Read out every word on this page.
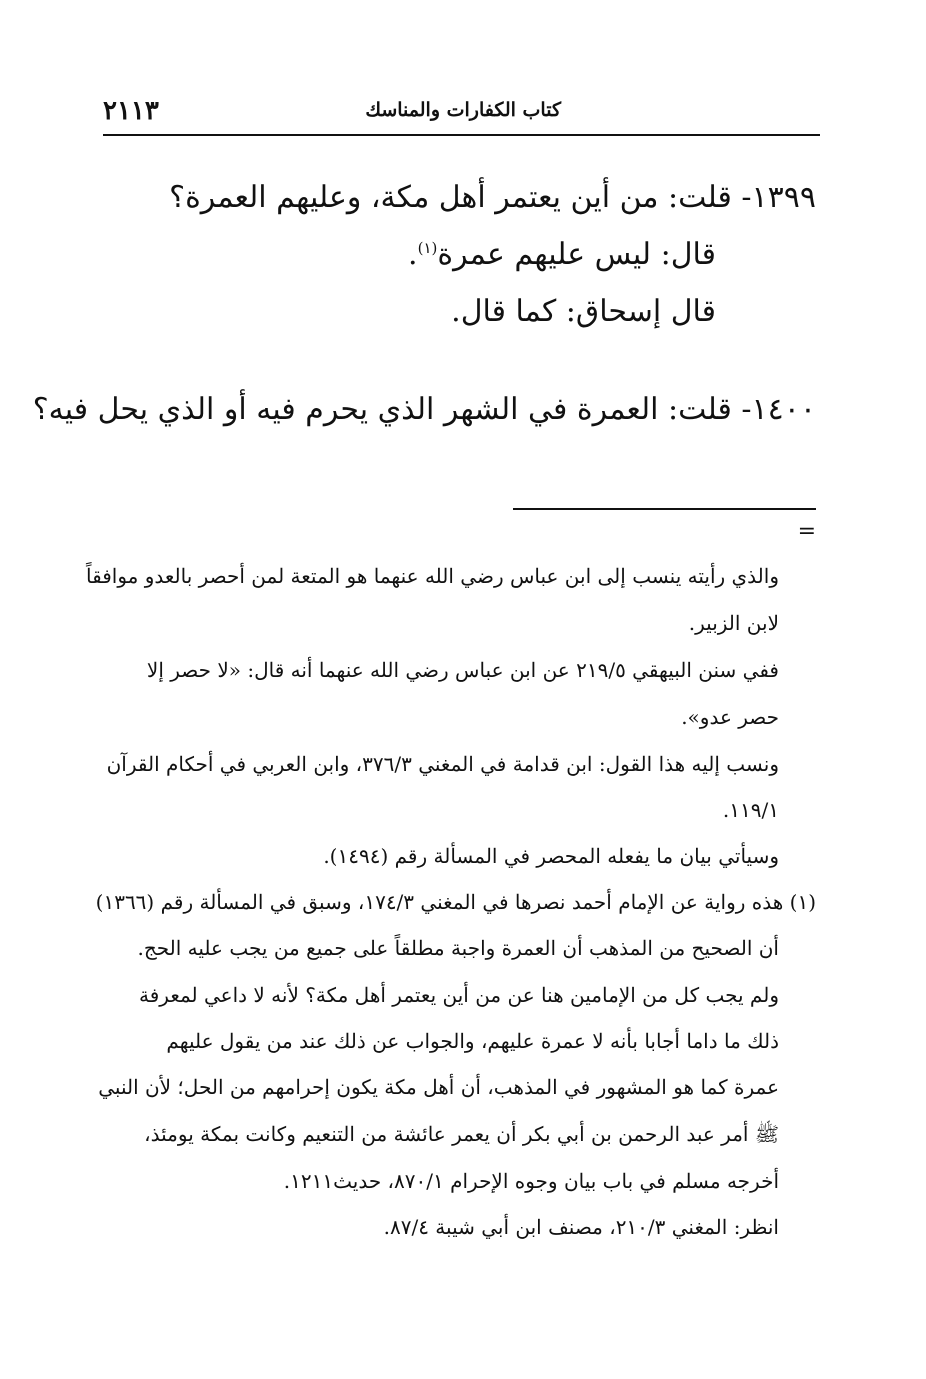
٢١١٣	كتاب الكفارات والمناسك
١٣٩٩- قلت: من أين يعتمر أهل مكة، وعليهم العمرة؟
قال: ليس عليهم عمرة$^{(١)}$.
قال إسحاق: كما قال.
١٤٠٠- قلت: العمرة في الشهر الذي يحرم فيه أو الذي يحل فيه؟
=
والذي رأيته ينسب إلى ابن عباس رضي الله عنهما هو المتعة لمن أحصر بالعدو موافقاً
لابن الزبير.
ففي سنن البيهقي ٢١٩/٥ عن ابن عباس رضي الله عنهما أنه قال: «لا حصر إلا
حصر عدو».
ونسب إليه هذا القول: ابن قدامة في المغني ٣٧٦/٣، وابن العربي في أحكام القرآن
١١٩/١.
وسيأتي بيان ما يفعله المحصر في المسألة رقم (١٤٩٤).
(١) هذه رواية عن الإمام أحمد نصرها في المغني ١٧٤/٣، وسبق في المسألة رقم (١٣٦٦)
أن الصحيح من المذهب أن العمرة واجبة مطلقاً على جميع من يجب عليه الحج.
ولم يجب كل من الإمامين هنا عن من أين يعتمر أهل مكة؟ لأنه لا داعي لمعرفة
ذلك ما داما أجابا بأنه لا عمرة عليهم، والجواب عن ذلك عند من يقول عليهم
عمرة كما هو المشهور في المذهب، أن أهل مكة يكون إحرامهم من الحل؛ لأن النبي
ﷺ أمر عبد الرحمن بن أبي بكر أن يعمر عائشة من التنعيم وكانت بمكة يومئذ،
أخرجه مسلم في باب بيان وجوه الإحرام ٨٧٠/١، حديث١٢١١.
انظر: المغني ٢١٠/٣، مصنف ابن أبي شيبة ٨٧/٤.
